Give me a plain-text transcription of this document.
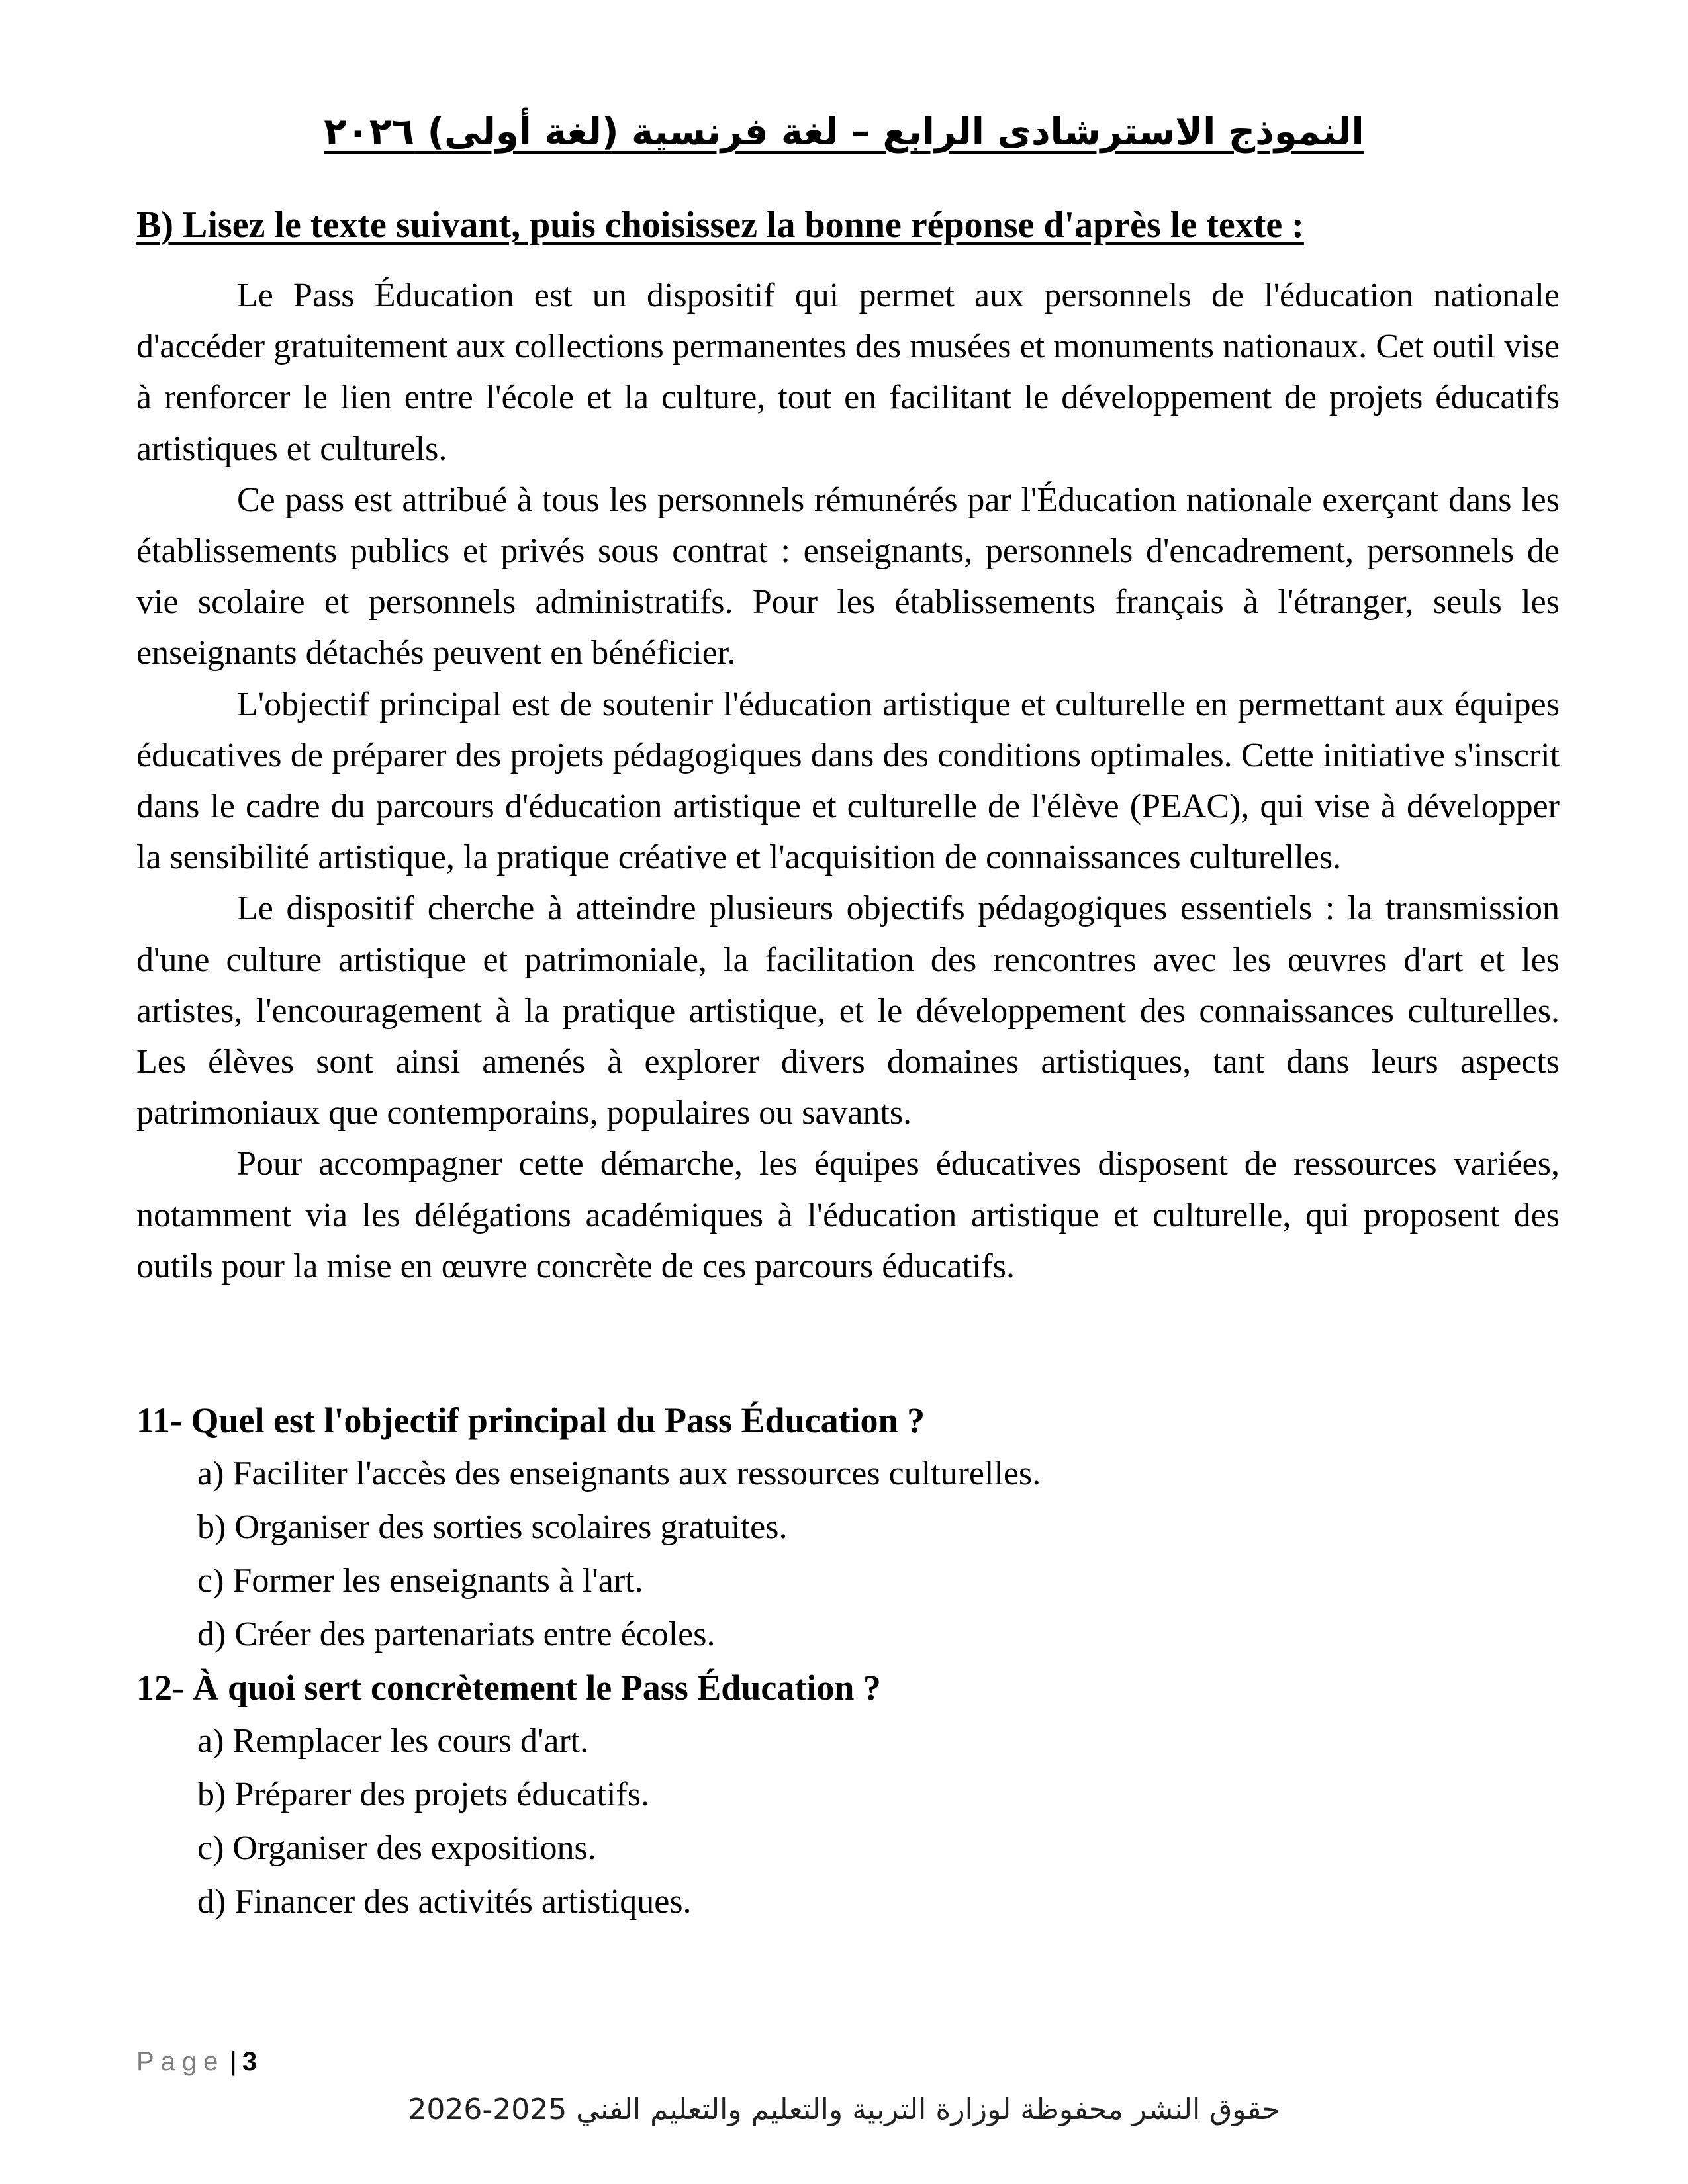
النموذج الاسترشادى الرابع – لغة فرنسية (لغة أولى) ٢٠٢٦
B) Lisez le texte suivant, puis choisissez la bonne réponse d'après le texte :

Le Pass Éducation est un dispositif qui permet aux personnels de l'éducation nationale d'accéder gratuitement aux collections permanentes des musées et monuments nationaux. Cet outil vise à renforcer le lien entre l'école et la culture, tout en facilitant le développement de projets éducatifs artistiques et culturels.

Ce pass est attribué à tous les personnels rémunérés par l'Éducation nationale exerçant dans les établissements publics et privés sous contrat : enseignants, personnels d'encadrement, personnels de vie scolaire et personnels administratifs. Pour les établissements français à l'étranger, seuls les enseignants détachés peuvent en bénéficier.

L'objectif principal est de soutenir l'éducation artistique et culturelle en permettant aux équipes éducatives de préparer des projets pédagogiques dans des conditions optimales. Cette initiative s'inscrit dans le cadre du parcours d'éducation artistique et culturelle de l'élève (PEAC), qui vise à développer la sensibilité artistique, la pratique créative et l'acquisition de connaissances culturelles.

Le dispositif cherche à atteindre plusieurs objectifs pédagogiques essentiels : la transmission d'une culture artistique et patrimoniale, la facilitation des rencontres avec les œuvres d'art et les artistes, l'encouragement à la pratique artistique, et le développement des connaissances culturelles. Les élèves sont ainsi amenés à explorer divers domaines artistiques, tant dans leurs aspects patrimoniaux que contemporains, populaires ou savants.

Pour accompagner cette démarche, les équipes éducatives disposent de ressources variées, notamment via les délégations académiques à l'éducation artistique et culturelle, qui proposent des outils pour la mise en œuvre concrète de ces parcours éducatifs.

11- Quel est l'objectif principal du Pass Éducation ?

a) Faciliter l'accès des enseignants aux ressources culturelles.
b) Organiser des sorties scolaires gratuites.
c) Former les enseignants à l'art.
d) Créer des partenariats entre écoles.

12- À quoi sert concrètement le Pass Éducation ?

a) Remplacer les cours d'art.
b) Préparer des projets éducatifs.
c) Organiser des expositions.
d) Financer des activités artistiques.
Page | 3
حقوق النشر محفوظة لوزارة التربية والتعليم والتعليم الفني 2025-2026
